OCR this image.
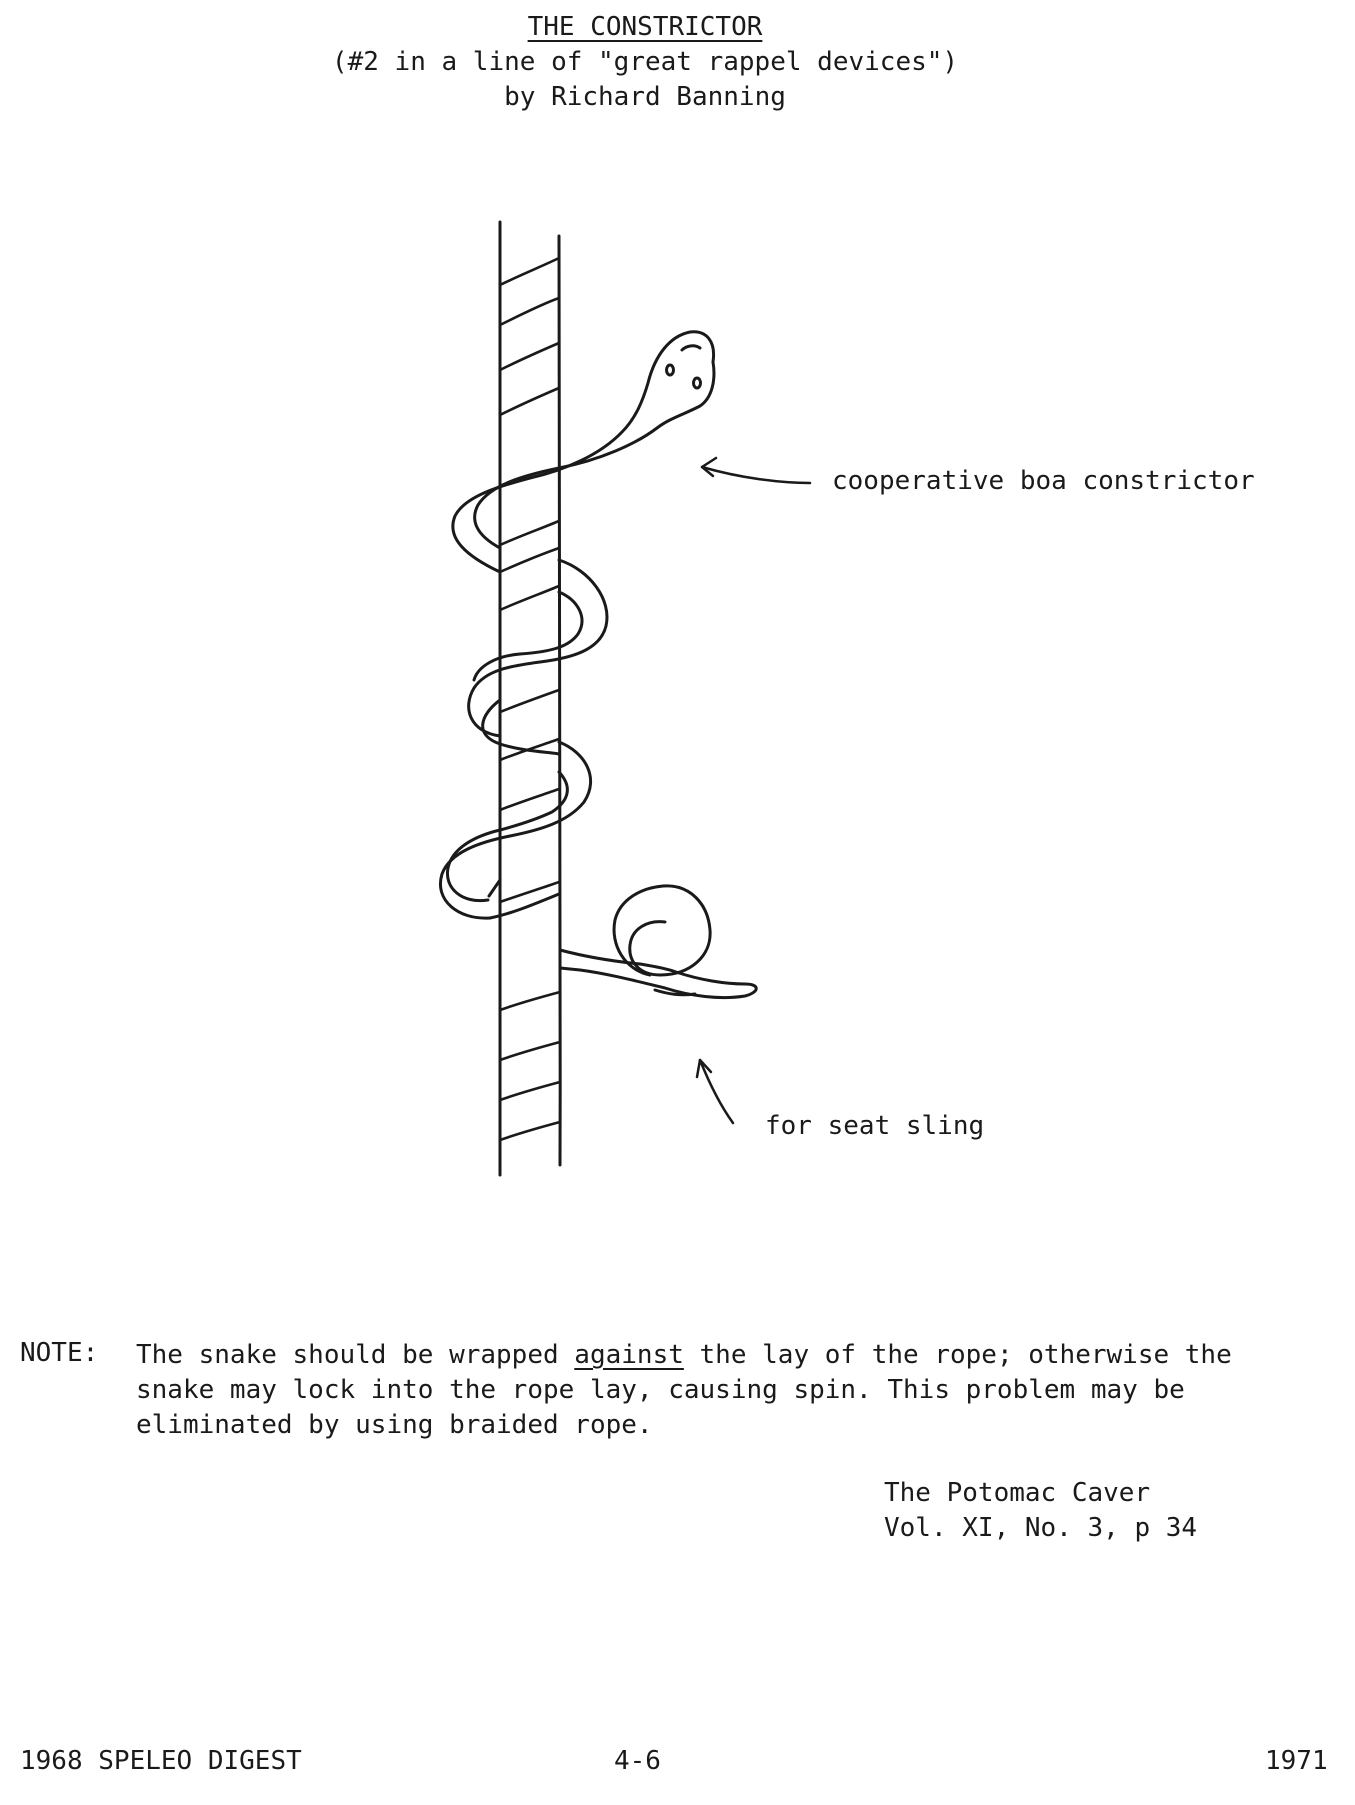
THE CONSTRICTOR
(#2 in a line of "great rappel devices")
by Richard Banning
cooperative boa constrictor
for seat sling
NOTE: The snake should be wrapped against the lay of the rope; otherwise the snake may lock into the rope lay, causing spin. This problem may be eliminated by using braided rope.
The Potomac Caver
Vol. XI, No. 3, p 34
1968 SPELEO DIGEST	4-6	1971
